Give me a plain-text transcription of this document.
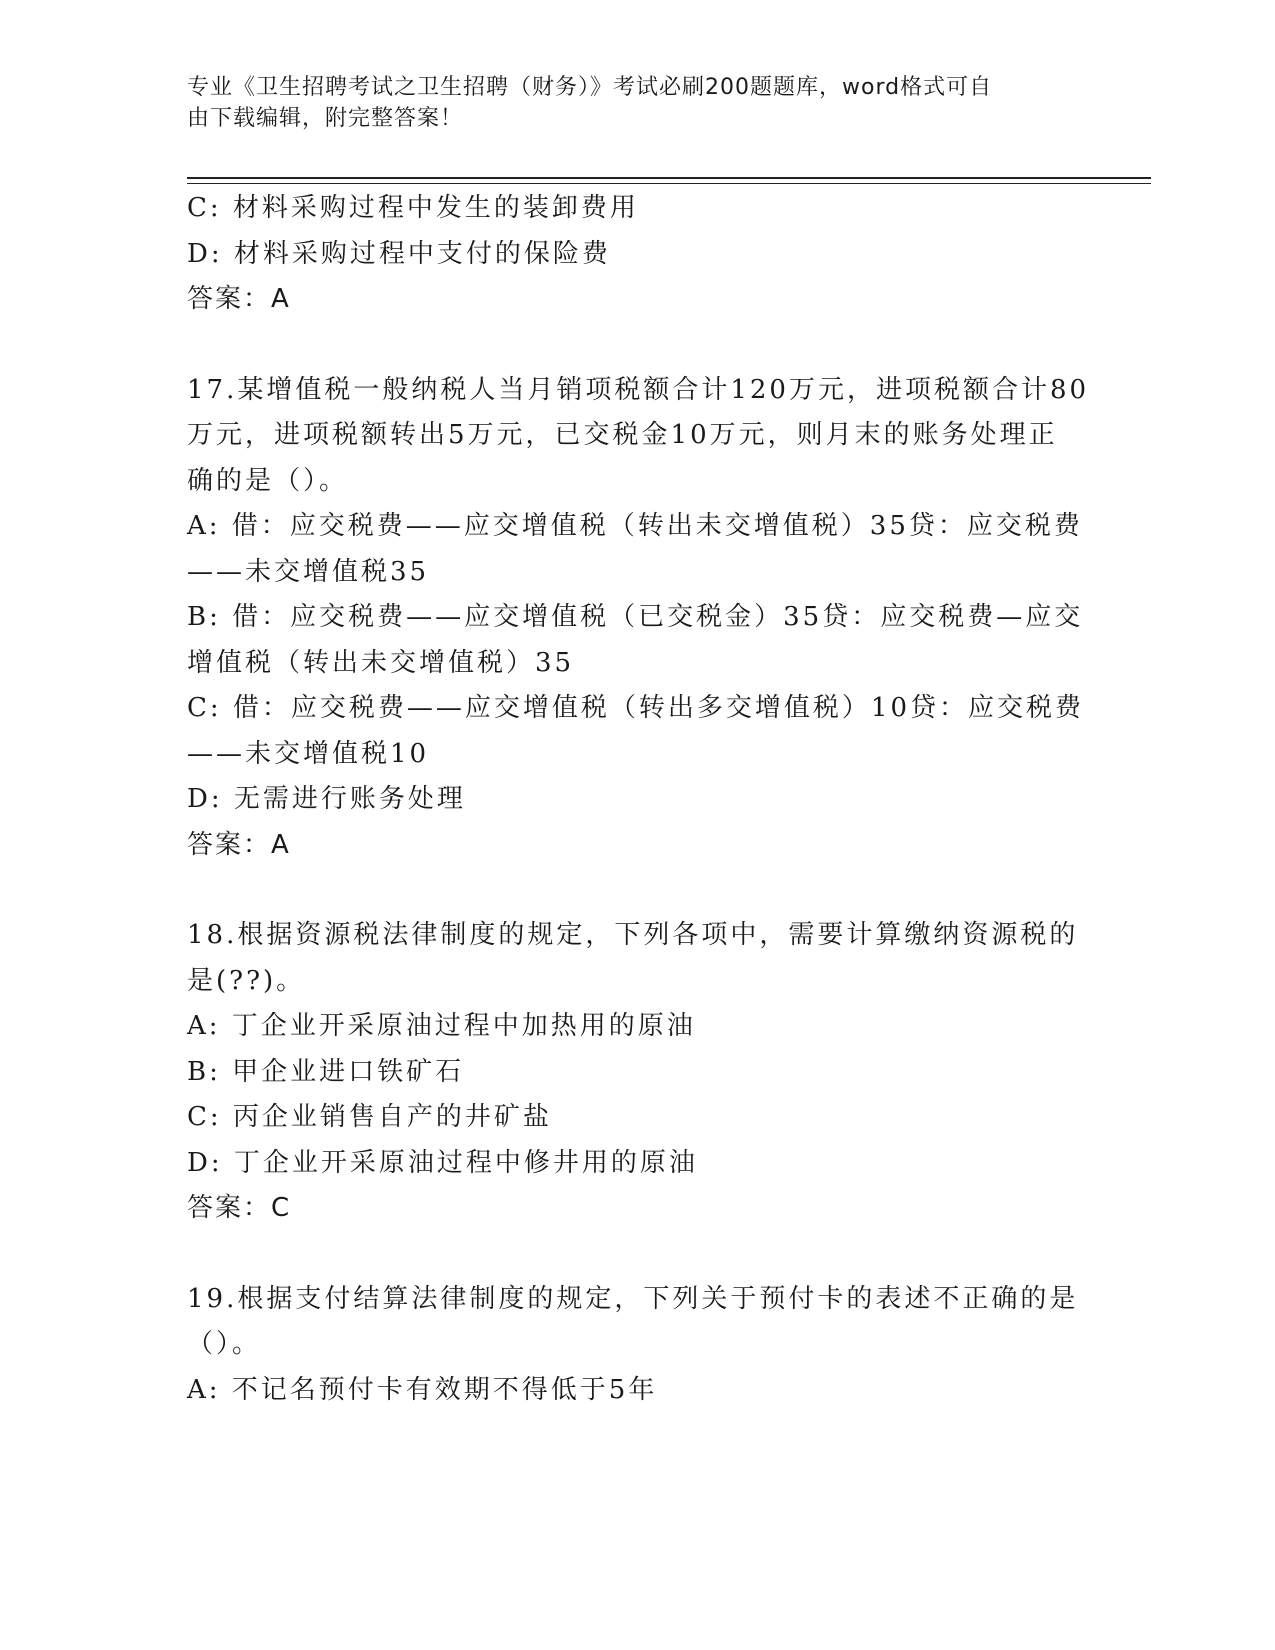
专业《卫生招聘考试之卫生招聘（财务）》考试必刷200题题库，word格式可自
由下载编辑，附完整答案！
C: 材料采购过程中发生的装卸费用
D: 材料采购过程中支付的保险费
答案：A
17.某增值税一般纳税人当月销项税额合计120万元，进项税额合计80
万元，进项税额转出5万元，已交税金10万元，则月末的账务处理正
确的是（）。
A: 借：应交税费——应交增值税（转出未交增值税）35贷：应交税费
——未交增值税35
B: 借：应交税费——应交增值税（已交税金）35贷：应交税费—应交
增值税（转出未交增值税）35
C: 借：应交税费——应交增值税（转出多交增值税）10贷：应交税费
——未交增值税10
D: 无需进行账务处理
答案：A
18.根据资源税法律制度的规定，下列各项中，需要计算缴纳资源税的
是(??)。
A: 丁企业开采原油过程中加热用的原油
B: 甲企业进口铁矿石
C: 丙企业销售自产的井矿盐
D: 丁企业开采原油过程中修井用的原油
答案：C
19.根据支付结算法律制度的规定，下列关于预付卡的表述不正确的是
（）。
A: 不记名预付卡有效期不得低于5年
